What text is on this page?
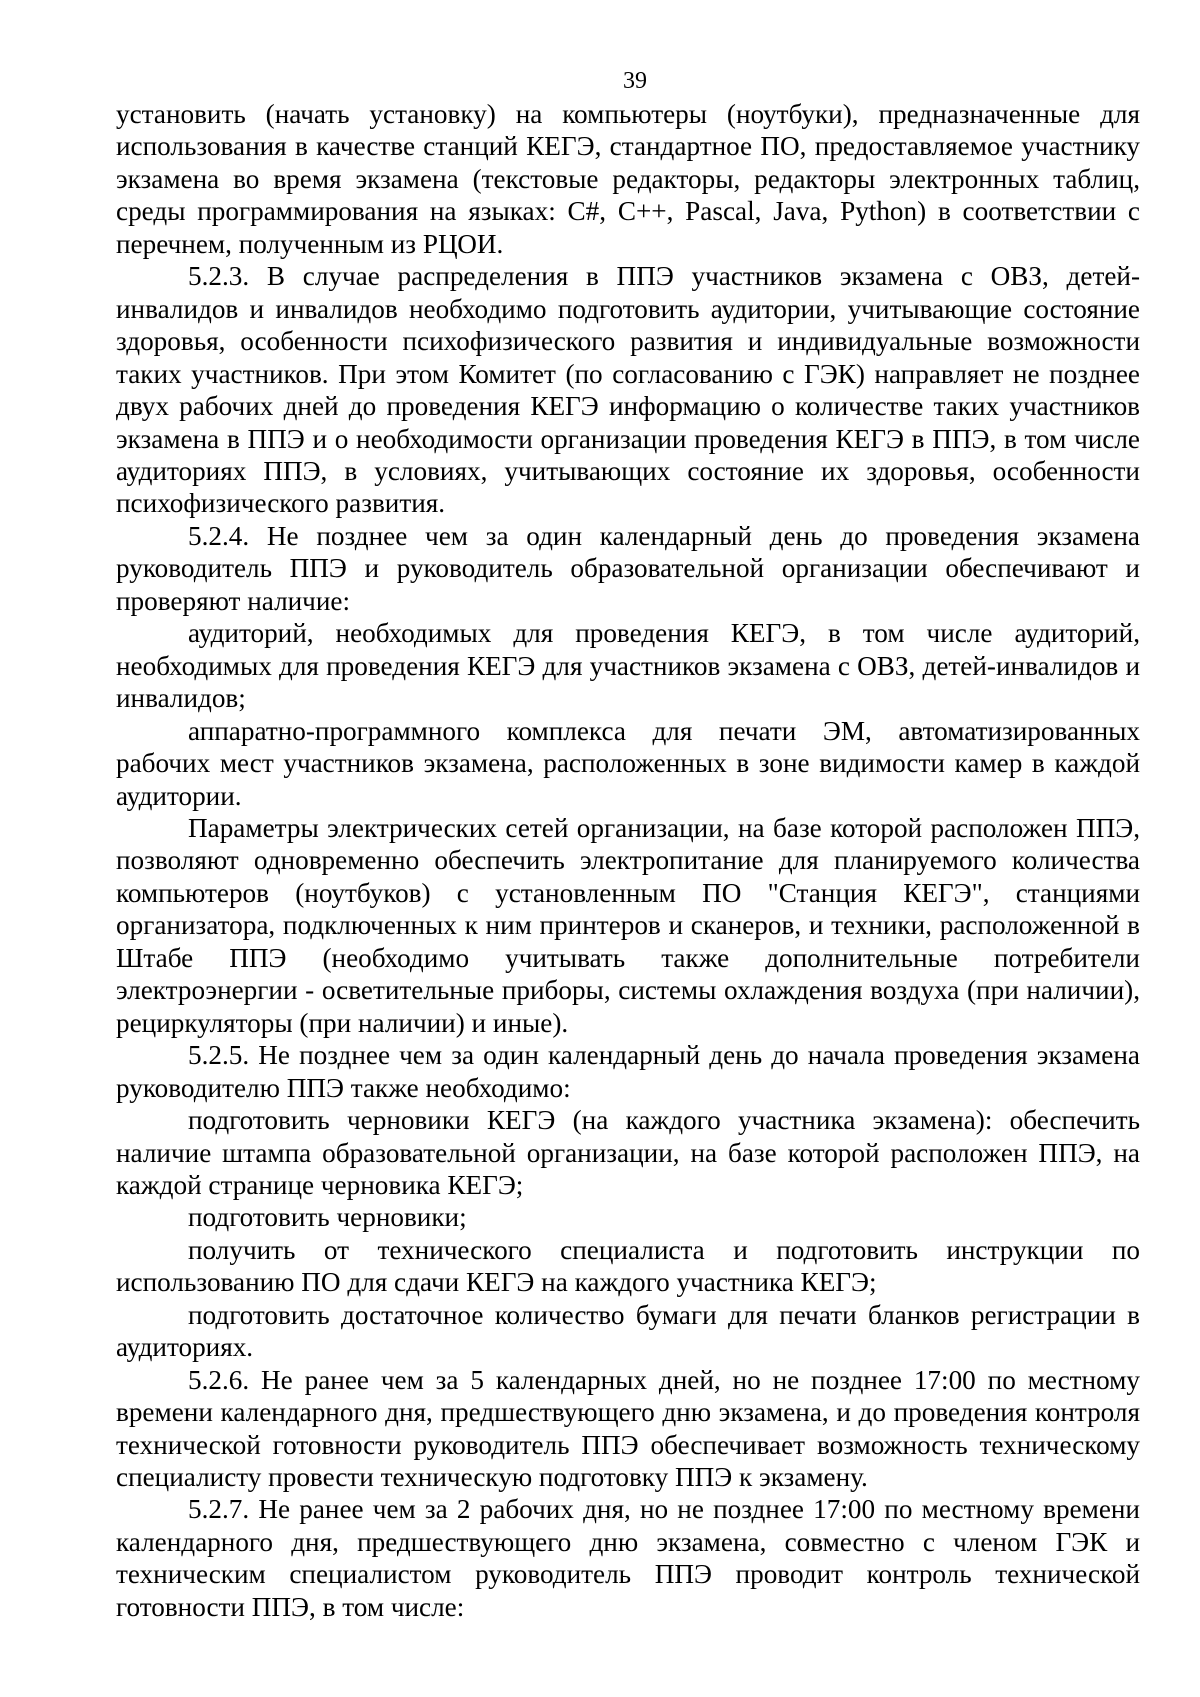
39

установить (начать установку) на компьютеры (ноутбуки), предназначенные для использования в качестве станций КЕГЭ, стандартное ПО, предоставляемое участнику экзамена во время экзамена (текстовые редакторы, редакторы электронных таблиц, среды программирования на языках: C#, C++, Pascal, Java, Python) в соответствии с перечнем, полученным из РЦОИ.

5.2.3. В случае распределения в ППЭ участников экзамена с ОВЗ, детей-инвалидов и инвалидов необходимо подготовить аудитории, учитывающие состояние здоровья, особенности психофизического развития и индивидуальные возможности таких участников. При этом Комитет (по согласованию с ГЭК) направляет не позднее двух рабочих дней до проведения КЕГЭ информацию о количестве таких участников экзамена в ППЭ и о необходимости организации проведения КЕГЭ в ППЭ, в том числе аудиториях ППЭ, в условиях, учитывающих состояние их здоровья, особенности психофизического развития.

5.2.4. Не позднее чем за один календарный день до проведения экзамена руководитель ППЭ и руководитель образовательной организации обеспечивают и проверяют наличие:

аудиторий, необходимых для проведения КЕГЭ, в том числе аудиторий, необходимых для проведения КЕГЭ для участников экзамена с ОВЗ, детей-инвалидов и инвалидов;

аппаратно-программного комплекса для печати ЭМ, автоматизированных рабочих мест участников экзамена, расположенных в зоне видимости камер в каждой аудитории.

Параметры электрических сетей организации, на базе которой расположен ППЭ, позволяют одновременно обеспечить электропитание для планируемого количества компьютеров (ноутбуков) с установленным ПО "Станция КЕГЭ", станциями организатора, подключенных к ним принтеров и сканеров, и техники, расположенной в Штабе ППЭ (необходимо учитывать также дополнительные потребители электроэнергии - осветительные приборы, системы охлаждения воздуха (при наличии), рециркуляторы (при наличии) и иные).

5.2.5. Не позднее чем за один календарный день до начала проведения экзамена руководителю ППЭ также необходимо:

подготовить черновики КЕГЭ (на каждого участника экзамена): обеспечить наличие штампа образовательной организации, на базе которой расположен ППЭ, на каждой странице черновика КЕГЭ;

подготовить черновики;

получить от технического специалиста и подготовить инструкции по использованию ПО для сдачи КЕГЭ на каждого участника КЕГЭ;

подготовить достаточное количество бумаги для печати бланков регистрации в аудиториях.

5.2.6. Не ранее чем за 5 календарных дней, но не позднее 17:00 по местному времени календарного дня, предшествующего дню экзамена, и до проведения контроля технической готовности руководитель ППЭ обеспечивает возможность техническому специалисту провести техническую подготовку ППЭ к экзамену.

5.2.7. Не ранее чем за 2 рабочих дня, но не позднее 17:00 по местному времени календарного дня, предшествующего дню экзамена, совместно с членом ГЭК и техническим специалистом руководитель ППЭ проводит контроль технической готовности ППЭ, в том числе:
